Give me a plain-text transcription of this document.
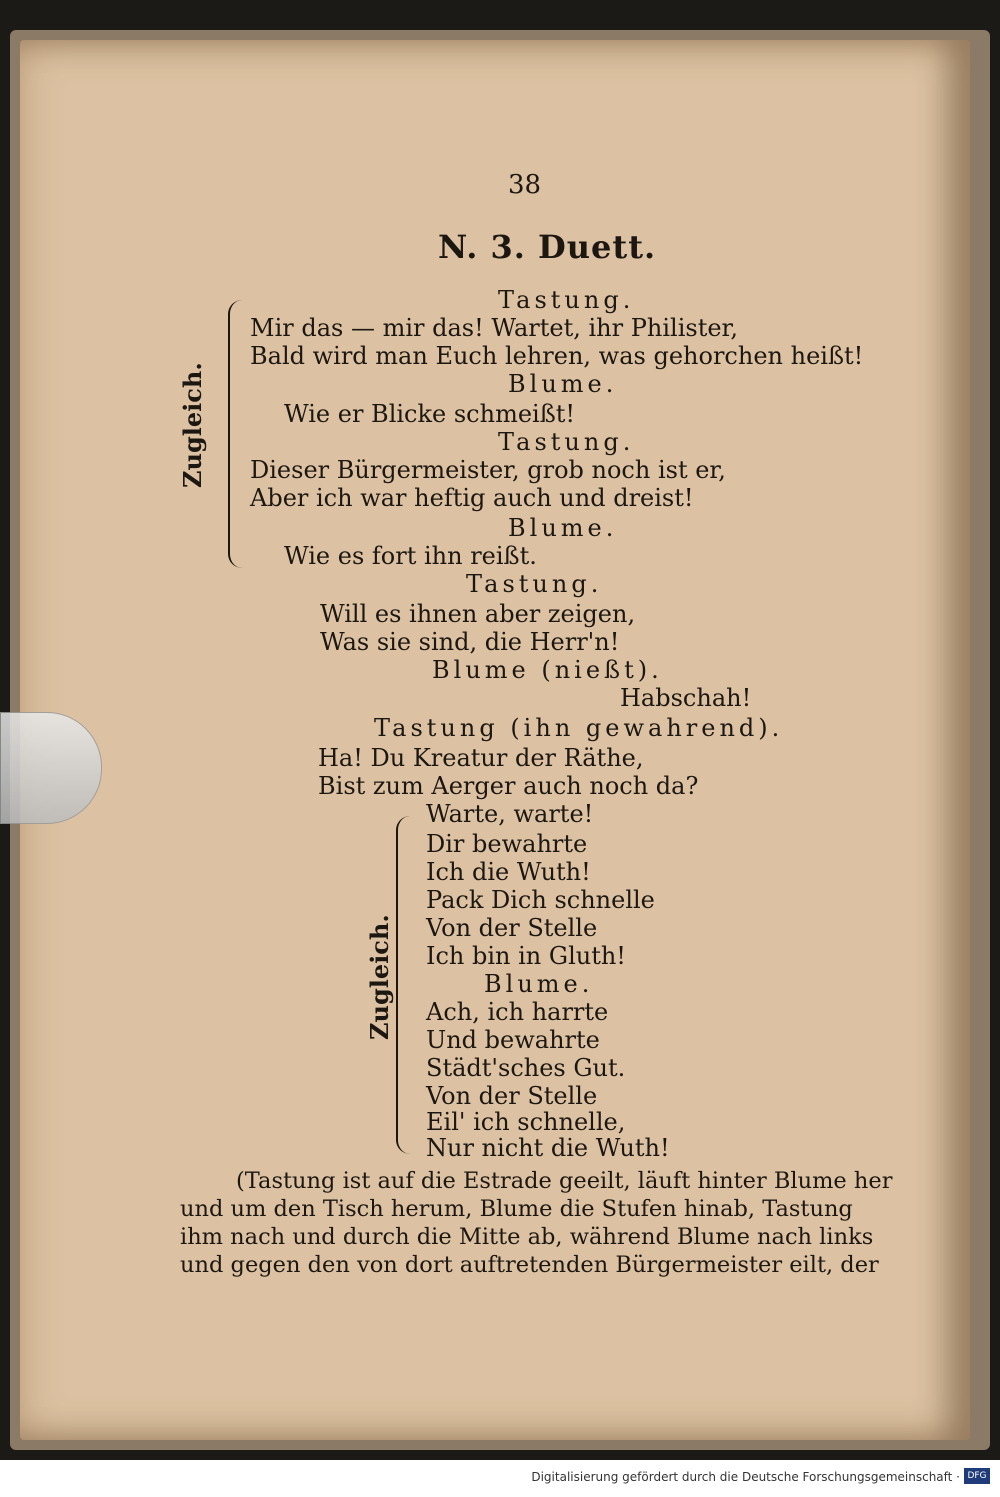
38
N. 3. Duett.
Tastung.
Mir das — mir das! Wartet, ihr Philister,
Bald wird man Euch lehren, was gehorchen heißt!
Blume.
Wie er Blicke schmeißt!
Tastung.
Dieser Bürgermeister, grob noch ist er,
Aber ich war heftig auch und dreist!
Blume.
Wie es fort ihn reißt.
Zugleich.
Tastung.
Will es ihnen aber zeigen,
Was sie sind, die Herr'n!
Blume (nießt).
Habschah!
Tastung (ihn gewahrend).
Ha! Du Kreatur der Räthe,
Bist zum Aerger auch noch da?
Warte, warte!
Dir bewahrte
Ich die Wuth!
Pack Dich schnelle
Von der Stelle
Ich bin in Gluth!
Blume.
Ach, ich harrte
Und bewahrte
Städt'sches Gut.
Von der Stelle
Eil' ich schnelle,
Nur nicht die Wuth!
Zugleich.
(Tastung ist auf die Estrade geeilt, läuft hinter Blume her
und um den Tisch herum, Blume die Stufen hinab, Tastung
ihm nach und durch die Mitte ab, während Blume nach links
und gegen den von dort auftretenden Bürgermeister eilt, der
Digitalisierung gefördert durch die Deutsche Forschungsgemeinschaft · DFG
